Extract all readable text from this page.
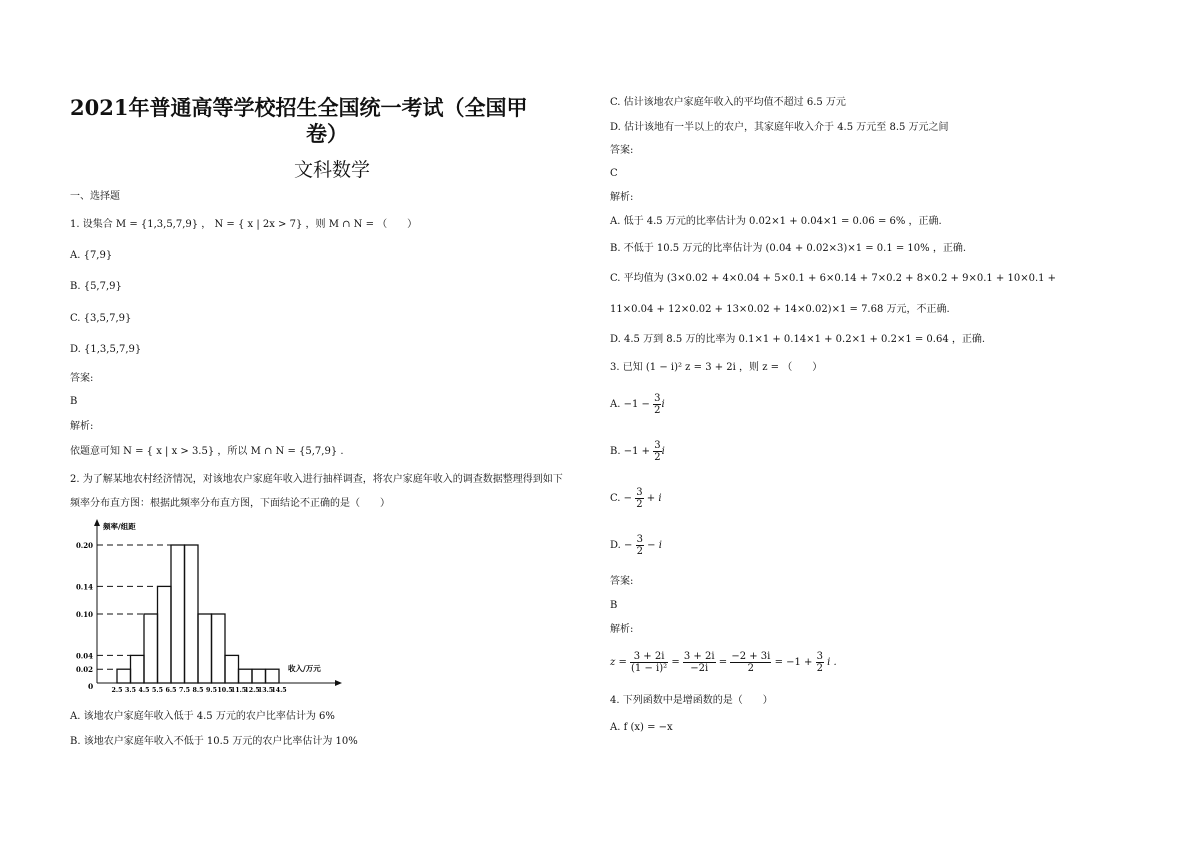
2021年普通高等学校招生全国统一考试（全国甲
卷）
文科数学
一、选择题
1. 设集合 M = {1,3,5,7,9} ， N = { x | 2x > 7} ，则 M ∩ N = （　　）
A. {7,9}
B. {5,7,9}
C. {3,5,7,9}
D. {1,3,5,7,9}
答案:
B
解析:
依题意可知 N = { x | x > 3.5} ，所以 M ∩ N = {5,7,9} .
2. 为了解某地农村经济情况，对该地农户家庭年收入进行抽样调查，将农户家庭年收入的调查数据整理得到如下
频率分布直方图：根据此频率分布直方图，下面结论不正确的是（　　）
0.02
0.04
0.10
0.14
0.20
2.5 3.5 4.5 5.5 6.5 7.5 8.5 9.5 10.5
11.5
12.5
13.5
14.5
频率/组距
收入/万元
0
A. 该地农户家庭年收入低于 4.5 万元的农户比率估计为 6%
B. 该地农户家庭年收入不低于 10.5 万元的农户比率估计为 10%
C. 估计该地农户家庭年收入的平均值不超过 6.5 万元
D. 估计该地有一半以上的农户，其家庭年收入介于 4.5 万元至 8.5 万元之间
答案:
C
解析:
A. 低于 4.5 万元的比率估计为 0.02×1 + 0.04×1 = 0.06 = 6% ，正确.
B. 不低于 10.5 万元的比率估计为 (0.04 + 0.02×3)×1 = 0.1 = 10% ，正确.
C. 平均值为 (3×0.02 + 4×0.04 + 5×0.1 + 6×0.14 + 7×0.2 + 8×0.2 + 9×0.1 + 10×0.1 +
11×0.04 + 12×0.02 + 13×0.02 + 14×0.02)×1 = 7.68 万元，不正确.
D. 4.5 万到 8.5 万的比率为 0.1×1 + 0.14×1 + 0.2×1 + 0.2×1 = 0.64 ，正确.
3. 已知 (1 − i)² z = 3 + 2i ，则 z = （　　）
A. $-1 - \frac{3}{2}$ i
B. $-1 + \frac{3}{2}$ i
C. − $\frac{3}{2} + i$
D. − $\frac{3}{2} - i$
答案:
B
解析:
$z = \frac{3 + 2i}{\text{(1 − i)²}} = \frac{3 + 2i}{-2i} = \frac{-2 + 3i}{2} = -1 + \frac{3}{2}$ i .
4. 下列函数中是增函数的是（　　）
A. f (x) = −x
